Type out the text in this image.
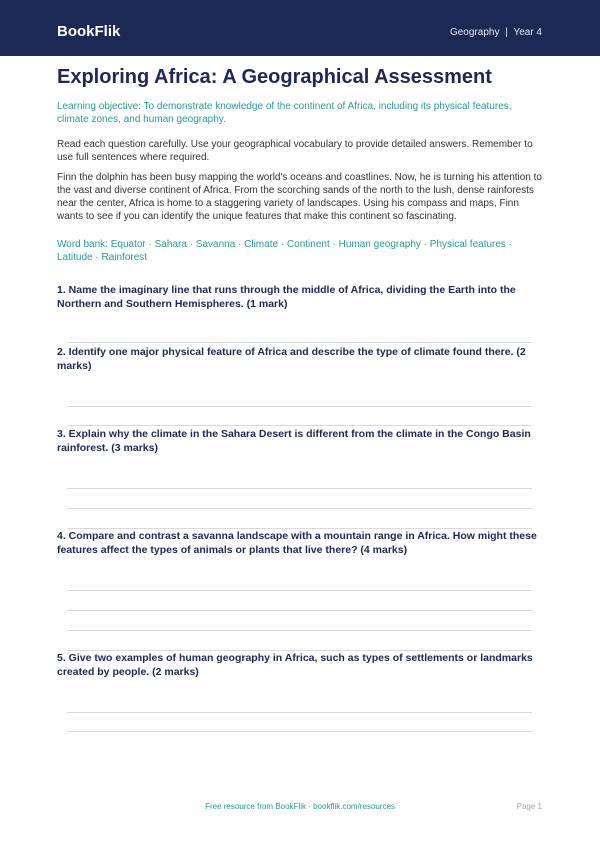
BookFlik	Geography | Year 4
Exploring Africa: A Geographical Assessment
Learning objective: To demonstrate knowledge of the continent of Africa, including its physical features, climate zones, and human geography.
Read each question carefully. Use your geographical vocabulary to provide detailed answers. Remember to use full sentences where required.
Finn the dolphin has been busy mapping the world's oceans and coastlines. Now, he is turning his attention to the vast and diverse continent of Africa. From the scorching sands of the north to the lush, dense rainforests near the center, Africa is home to a staggering variety of landscapes. Using his compass and maps, Finn wants to see if you can identify the unique features that make this continent so fascinating.
Word bank: Equator · Sahara · Savanna · Climate · Continent · Human geography · Physical features · Latitude · Rainforest
1. Name the imaginary line that runs through the middle of Africa, dividing the Earth into the Northern and Southern Hemispheres. (1 mark)
2. Identify one major physical feature of Africa and describe the type of climate found there. (2 marks)
3. Explain why the climate in the Sahara Desert is different from the climate in the Congo Basin rainforest. (3 marks)
4. Compare and contrast a savanna landscape with a mountain range in Africa. How might these features affect the types of animals or plants that live there? (4 marks)
5. Give two examples of human geography in Africa, such as types of settlements or landmarks created by people. (2 marks)
Free resource from BookFlik · bookflik.com/resources	Page 1
